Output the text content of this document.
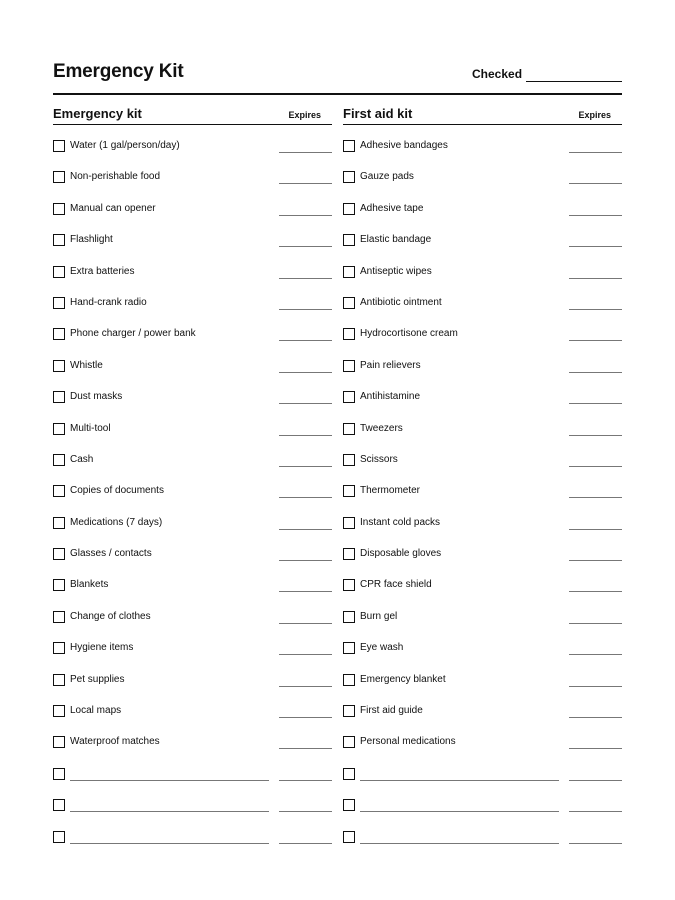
Emergency Kit	Checked
Emergency kit	Expires
Water (1 gal/person/day)
Non-perishable food
Manual can opener
Flashlight
Extra batteries
Hand-crank radio
Phone charger / power bank
Whistle
Dust masks
Multi-tool
Cash
Copies of documents
Medications (7 days)
Glasses / contacts
Blankets
Change of clothes
Hygiene items
Pet supplies
Local maps
Waterproof matches
First aid kit	Expires
Adhesive bandages
Gauze pads
Adhesive tape
Elastic bandage
Antiseptic wipes
Antibiotic ointment
Hydrocortisone cream
Pain relievers
Antihistamine
Tweezers
Scissors
Thermometer
Instant cold packs
Disposable gloves
CPR face shield
Burn gel
Eye wash
Emergency blanket
First aid guide
Personal medications
